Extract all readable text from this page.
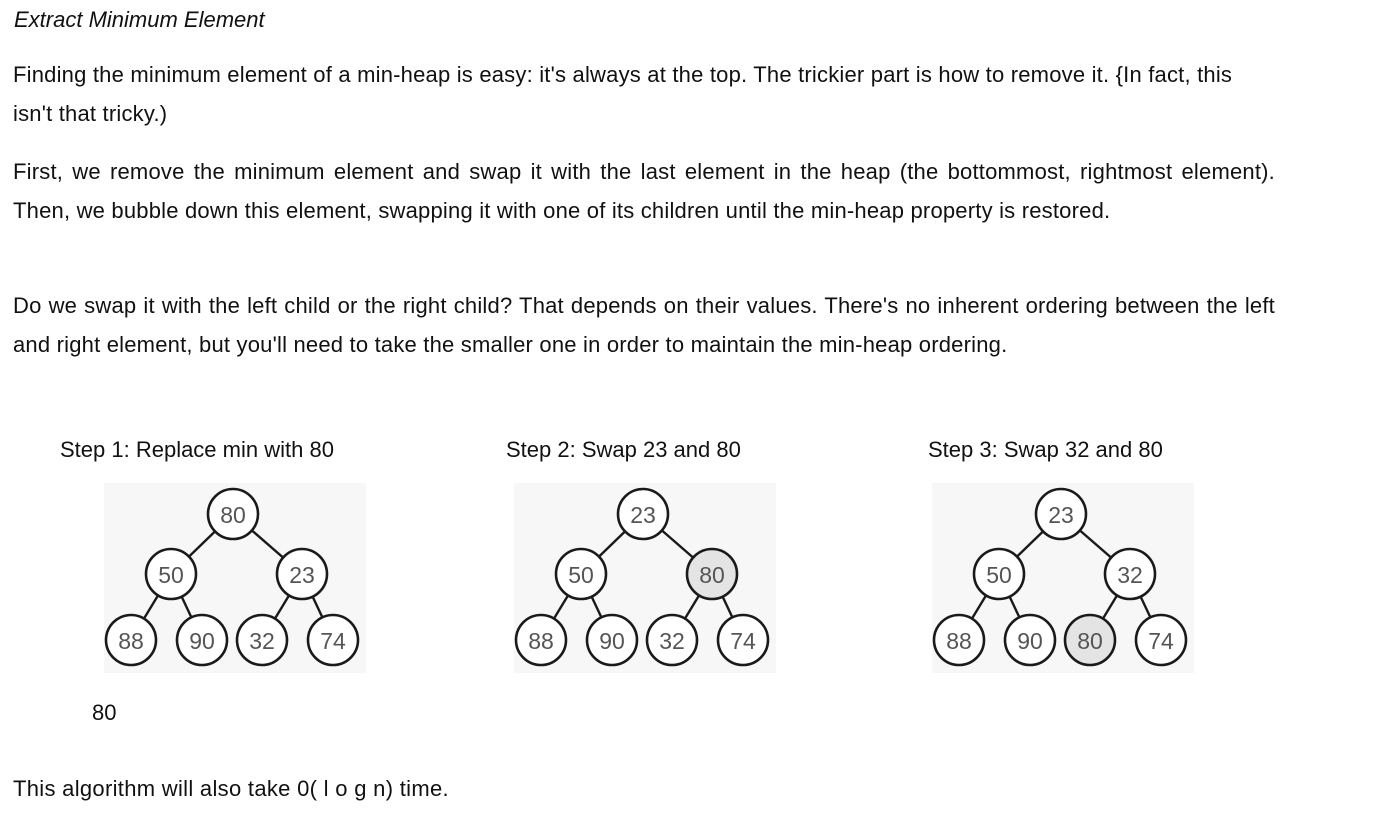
Extract Minimum Element

Finding the minimum element of a min-heap is easy: it's always at the top. The trickier part is how to remove it. {In fact, this isn't that tricky.)

First, we remove the minimum element and swap it with the last element in the heap (the bottommost, rightmost element). Then, we bubble down this element, swapping it with one of its children until the min-heap property is restored.

Do we swap it with the left child or the right child? That depends on their values. There's no inherent ordering between the left and right element, but you'll need to take the smaller one in order to maintain the min-heap ordering.

Step 1: Replace min with 80	Step 2: Swap 23 and 80	Step 3: Swap 32 and 80
80
50	23
88 90 32 74
23
50	80
88 90 32 74
23
50	32
88 90 80 74
80

This algorithm will also take 0( l o g n) time.
